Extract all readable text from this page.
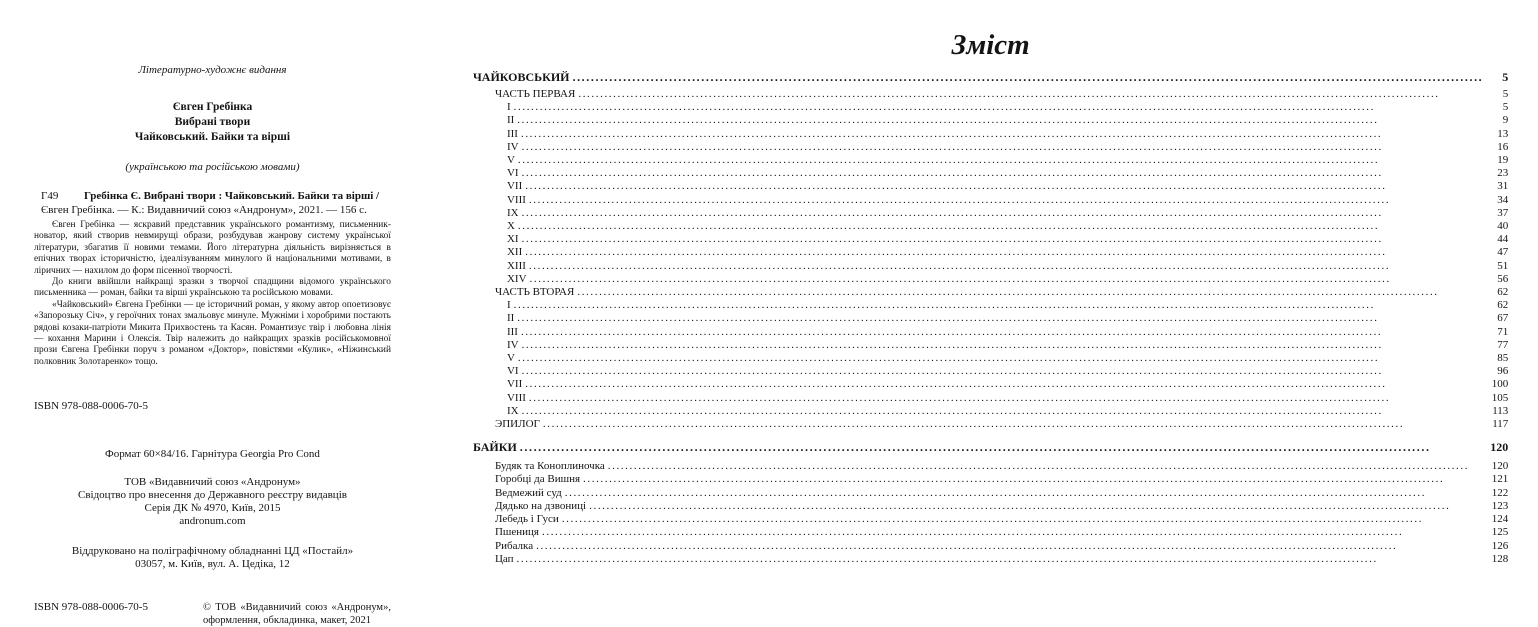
Літературно-художнє видання
Євген Гребінка
Вибрані твори
Чайковський. Байки та вірші
(українською та російською мовами)

Г49 Гребінка Є. Вибрані твори : Чайковський. Байки та вірші / Євген Гребінка. — К.: Видавничий союз «Андронум», 2021. — 156 с.

Євген Гребінка — яскравий представник українського романтизму, письменник-новатор, який створив невмирущі образи, розбудував жанрову систему української літератури, збагатив її новими темами. Його літературна діяльність вирізняється в епічних творах історичністю, ідеалізуванням минулого й національними мотивами, в ліричних — нахилом до форм пісенної творчості.

До книги ввійшли найкращі зразки з творчої спадщини відомого українського письменника — роман, байки та вірші українською та російською мовами.

«Чайковський» Євгена Гребінки — це історичний роман, у якому автор опоетизовує «Запорозьку Січ», у героїчних тонах змальовує минуле. Мужніми і хоробрими постають рядові козаки-патріоти Микита Прихвостень та Касян. Романтизує твір і любовна лінія — кохання Марини і Олексія. Твір належить до найкращих зразків російськомовної прози Євгена Гребінки поруч з романом «Доктор», повістями «Кулик», «Ніжинський полковник Золотаренко» тощо.

ISBN 978-088-0006-70-5
Формат 60×84/16. Гарнітура Georgia Pro Cond
ТОВ «Видавничий союз «Андронум»
Свідоцтво про внесення до Державного реєстру видавців
Серія ДК № 4970, Київ, 2015
andronum.com
Віддруковано на поліграфічному обладнанні ЦД «Постайл»
03057, м. Київ, вул. А. Цедіка, 12
ISBN 978-088-0006-70-5	© ТОВ «Видавничий союз «Андронум», оформлення, обкладинка, макет, 2021
Зміст
ЧАЙКОВСЬКИЙ .....	5
ЧАСТЬ ПЕРВАЯ .....	5
I .....	5
II .....	9
III .....	13
IV .....	16
V .....	19
VI .....	23
VII .....	31
VIII .....	34
IX .....	37
X .....	40
XI .....	44
XII .....	47
XIII .....	51
XIV .....	56
ЧАСТЬ ВТОРАЯ .....	62
I .....	62
II .....	67
III .....	71
IV .....	77
V .....	85
VI .....	96
VII .....	100
VIII .....	105
IX .....	113
ЭПИЛОГ .....	117
БАЙКИ .....	120
Будяк та Коноплиночка .....	120
Горобці да Вишня .....	121
Ведмежий суд .....	122
Дядько на дзвониці .....	123
Лебедь і Гуси .....	124
Пшениця .....	125
Рибалка .....	126
Цап .....	128
